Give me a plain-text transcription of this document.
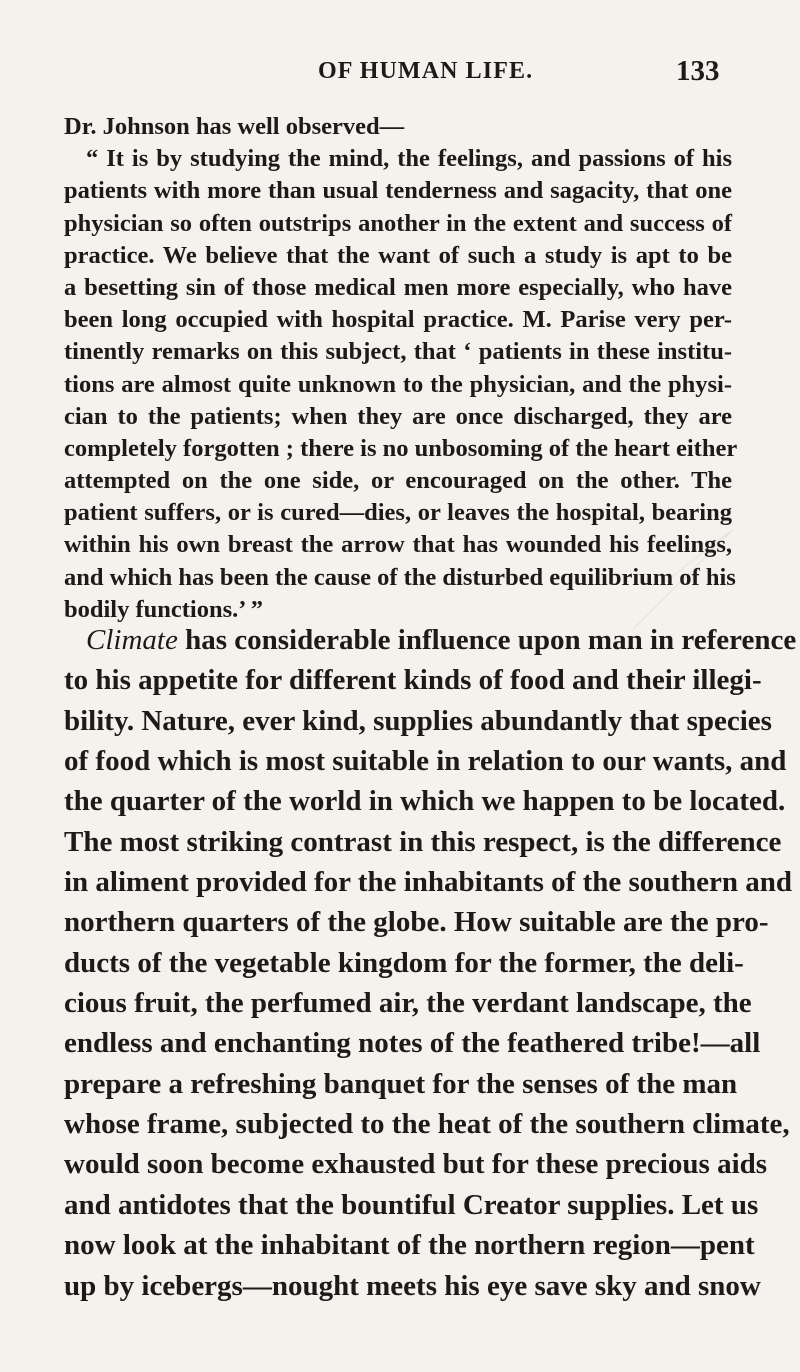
OF HUMAN LIFE.	133
Dr. Johnson has well observed—
“ It is by studying the mind, the feelings, and passions of his
patients with more than usual tenderness and sagacity, that one
physician so often outstrips another in the extent and success of
practice. We believe that the want of such a study is apt to be
a besetting sin of those medical men more especially, who have
been long occupied with hospital practice. M. Parise very per-
tinently remarks on this subject, that ‘ patients in these institu-
tions are almost quite unknown to the physician, and the physi-
cian to the patients; when they are once discharged, they are
completely forgotten ; there is no unbosoming of the heart either
attempted on the one side, or encouraged on the other. The
patient suffers, or is cured—dies, or leaves the hospital, bearing
within his own breast the arrow that has wounded his feelings,
and which has been the cause of the disturbed equilibrium of his
bodily functions.’ ”
Climate has considerable influence upon man in reference
to his appetite for different kinds of food and their illegi-
bility. Nature, ever kind, supplies abundantly that species
of food which is most suitable in relation to our wants, and
the quarter of the world in which we happen to be located.
The most striking contrast in this respect, is the difference
in aliment provided for the inhabitants of the southern and
northern quarters of the globe. How suitable are the pro-
ducts of the vegetable kingdom for the former, the deli-
cious fruit, the perfumed air, the verdant landscape, the
endless and enchanting notes of the feathered tribe!—all
prepare a refreshing banquet for the senses of the man
whose frame, subjected to the heat of the southern climate,
would soon become exhausted but for these precious aids
and antidotes that the bountiful Creator supplies. Let us
now look at the inhabitant of the northern region—pent
up by icebergs—nought meets his eye save sky and snow
